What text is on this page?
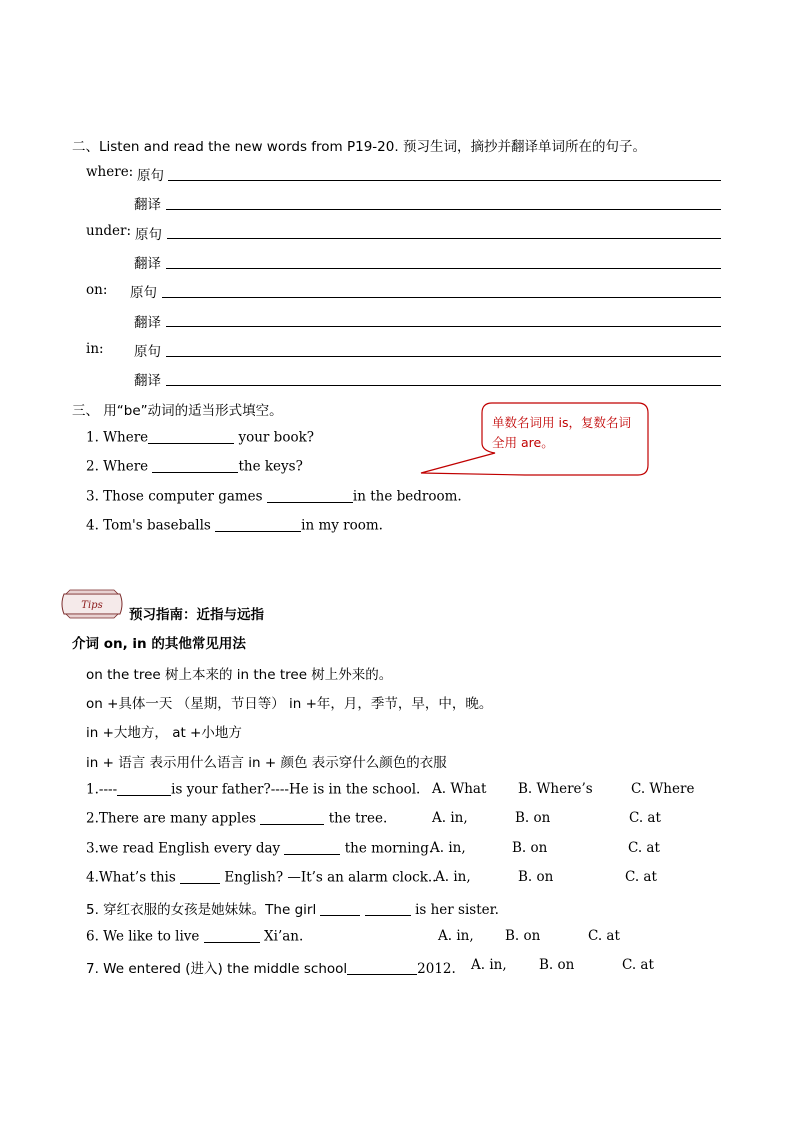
二、Listen and read the new words from P19-20. 预习生词，摘抄并翻译单词所在的句子。
where: 原句
翻译
under: 原句
翻译
on: 原句
翻译
in: 原句
翻译
三、 用“be”动词的适当形式填空。
1. Where	your book?
2. Where	the keys?
3. Those computer games	in the bedroom.
4. Tom's baseballs	in my room.
单数名词用 is，复数名词全用 are。
Tips
预习指南：近指与远指
介词 on, in 的其他常见用法
on the tree 树上本来的 in the tree 树上外来的。
on +具体一天 （星期，节日等） in +年，月，季节，早，中，晚。
in +大地方， at +小地方
in + 语言 表示用什么语言 in + 颜色 表示穿什么颜色的衣服
1.----	is your father?----He is in the school. A. What B. Where’s	C. Where
2.There are many apples	the tree.	A. in,	B. on	C. at
3.we read English every day	the morning.
A. in,	B. on	C. at
4.What’s this	English? —It’s an alarm clock..
A. in,	B. on	C. at
5. 穿红衣服的女孩是她妹妹。The girl	is her sister.
6. We like to live	Xi’an.	A. in, B. on	C. at
7. We entered (进入) the middle school	2012. A. in, B. on	C. at
